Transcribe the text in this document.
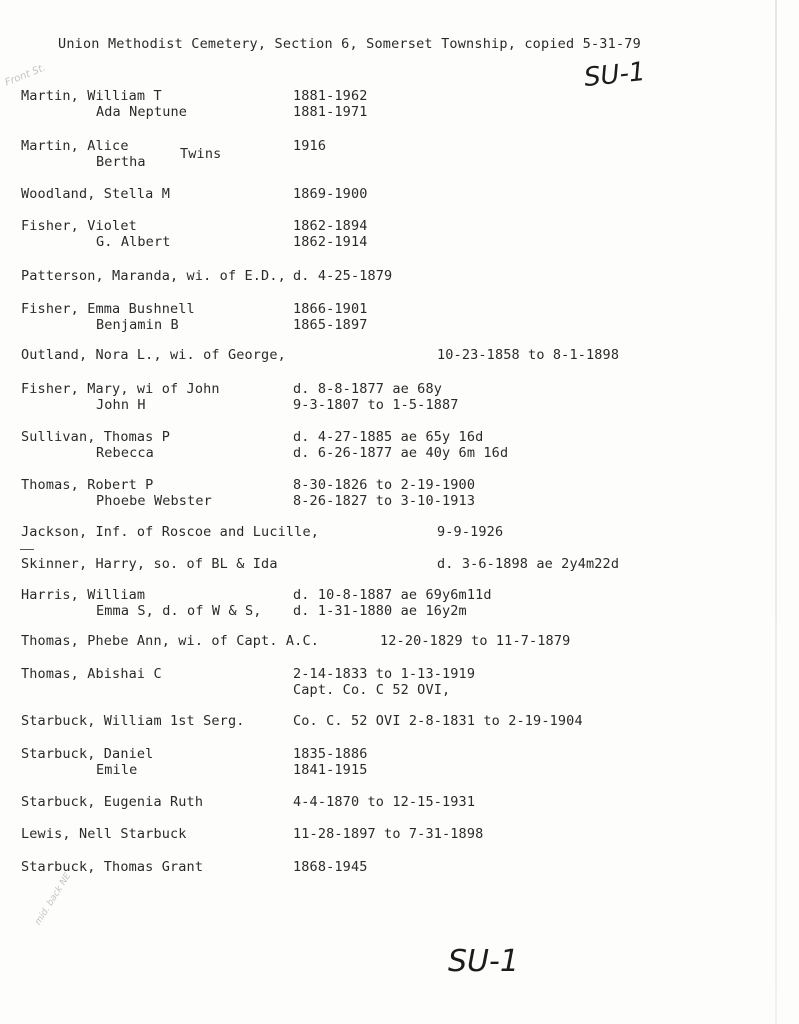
Union Methodist Cemetery, Section 6, Somerset Township, copied 5-31-79
SU-1
Front St.
Martin, William T	1881-1962
Ada Neptune	1881-1971
Martin, Alice	1916
Twins
Bertha
Woodland, Stella M	1869-1900
Fisher, Violet	1862-1894
G. Albert	1862-1914
Patterson, Maranda, wi. of E.D., d. 4-25-1879
Fisher, Emma Bushnell	1866-1901
Benjamin B	1865-1897
Outland, Nora L., wi. of George,	10-23-1858 to 8-1-1898
Fisher, Mary, wi of John	d. 8-8-1877 ae 68y
John H	9-3-1807 to 1-5-1887
Sullivan, Thomas P	d. 4-27-1885 ae 65y 16d
Rebecca	d. 6-26-1877 ae 40y 6m 16d
Thomas, Robert P	8-30-1826 to 2-19-1900
Phoebe Webster	8-26-1827 to 3-10-1913
Jackson, Inf. of Roscoe and Lucille,	9-9-1926
Skinner, Harry, so. of BL & Ida	d. 3-6-1898 ae 2y4m22d
Harris, William	d. 10-8-1887 ae 69y6m11d
Emma S, d. of W & S, d. 1-31-1880 ae 16y2m
Thomas, Phebe Ann, wi. of Capt. A.C.	12-20-1829 to 11-7-1879
Thomas, Abishai C	2-14-1833 to 1-13-1919
Capt. Co. C 52 OVI,
Starbuck, William 1st Serg.	Co. C. 52 OVI 2-8-1831 to 2-19-1904
Starbuck, Daniel	1835-1886
Emile	1841-1915
Starbuck, Eugenia Ruth	4-4-1870 to 12-15-1931
Lewis, Nell Starbuck	11-28-1897 to 7-31-1898
Starbuck, Thomas Grant	1868-1945
mid. back NE
SU-1
